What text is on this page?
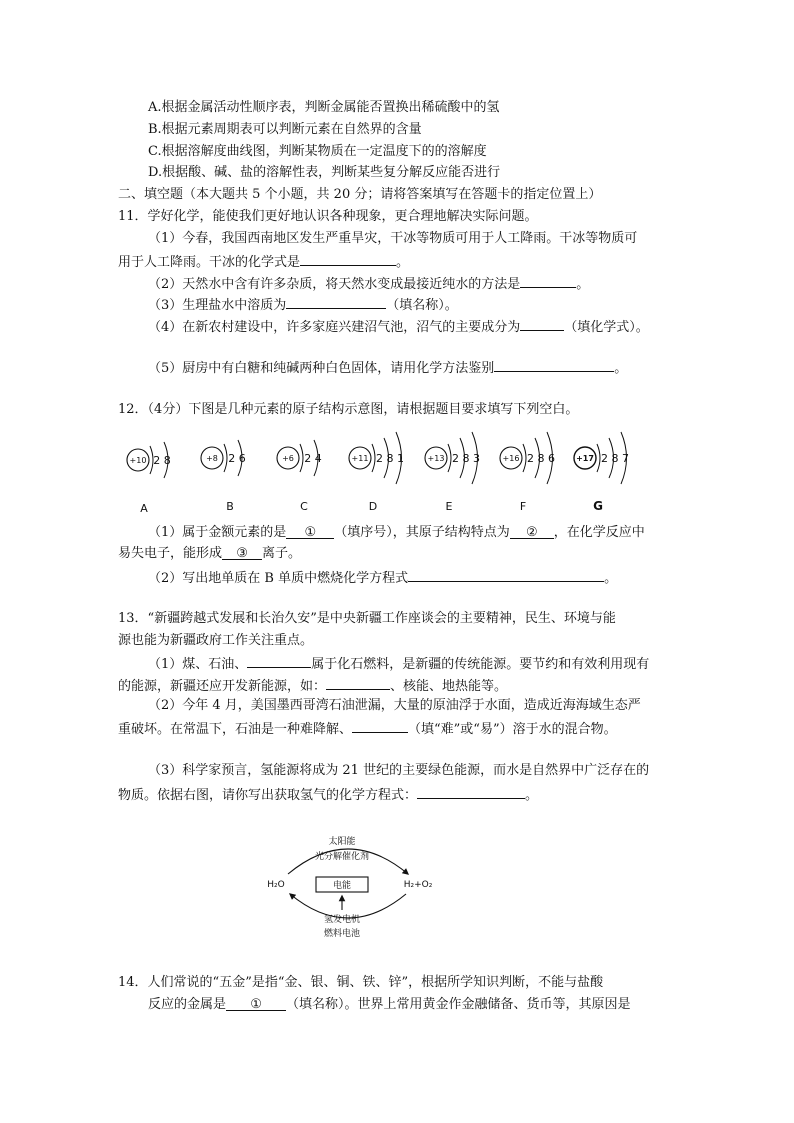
A.根据金属活动性顺序表，判断金属能否置换出稀硫酸中的氢
B.根据元素周期表可以判断元素在自然界的含量
C.根据溶解度曲线图，判断某物质在一定温度下的的溶解度
D.根据酸、碱、盐的溶解性表，判断某些复分解反应能否进行
二、填空题（本大题共 5 个小题，共 20 分；请将答案填写在答题卡的指定位置上）
11．学好化学，能使我们更好地认识各种现象，更合理地解决实际问题。
（1）今春，我国西南地区发生严重旱灾，干冰等物质可用于人工降雨。干冰等物质可
用于人工降雨。干冰的化学式是	。
（2）天然水中含有许多杂质，将天然水变成最接近纯水的方法是	。
（3）生理盐水中溶质为	（填名称）。
（4）在新农村建设中，许多家庭兴建沼气池，沼气的主要成分为	（填化学式）。
（5）厨房中有白糖和纯碱两种白色固体，请用化学方法鉴别	。
12．（4分）下图是几种元素的原子结构示意图，请根据题目要求填写下列空白。
+10 2 8
A
+8 2 6
B
+6 2 4
C
+11 2 8 1
D
+13 2 8 3
E
+16 2 8 6
F
+17 2 8 7
G
（1）属于金额元素的是 ① （填序号），其原子结构特点为 ② ，在化学反应中
易失电子，能形成 ③ 离子。
（2）写出地单质在 B 单质中燃烧化学方程式	。
13．“新疆跨越式发展和长治久安”是中央新疆工作座谈会的主要精神，民生、环境与能
源也能为新疆政府工作关注重点。
（1）煤、石油、	属于化石燃料，是新疆的传统能源。要节约和有效利用现有
的能源，新疆还应开发新能源，如：	、核能、地热能等。
（2）今年 4 月，美国墨西哥湾石油泄漏，大量的原油浮于水面，造成近海海域生态严
重破坏。在常温下，石油是一种难降解、	（填“难”或“易”）溶于水的混合物。
（3）科学家预言，氢能源将成为 21 世纪的主要绿色能源，而水是自然界中广泛存在的
物质。依据右图，请你写出获取氢气的化学方程式：	。
太阳能
光分解催化剂
H₂O	电能	H₂+O₂
氢发电机
燃料电池
14．人们常说的“五金”是指“金、银、铜、铁、锌”，根据所学知识判断，不能与盐酸
反应的金属是 ① （填名称）。世界上常用黄金作金融储备、货币等，其原因是
